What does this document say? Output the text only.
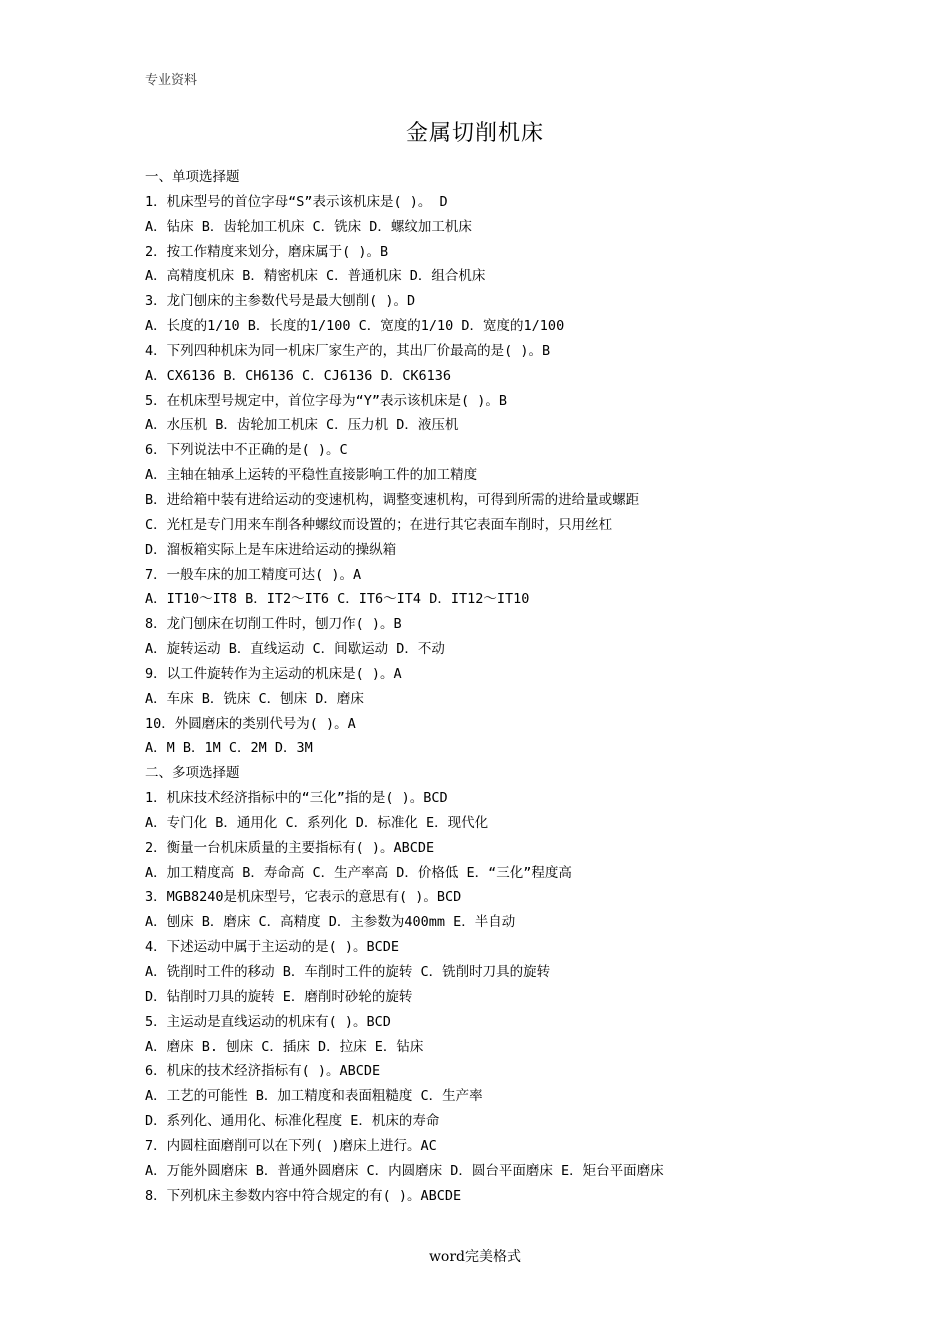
专业资料
金属切削机床
一、单项选择题
1．机床型号的首位字母“S”表示该机床是( )。 D
A．钻床 B．齿轮加工机床 C．铣床 D．螺纹加工机床
2．按工作精度来划分，磨床属于( )。B
A．高精度机床 B．精密机床 C．普通机床 D．组合机床
3．龙门刨床的主参数代号是最大刨削( )。D
A．长度的1/10 B．长度的1/100 C．宽度的1/10 D．宽度的1/100
4．下列四种机床为同一机床厂家生产的，其出厂价最高的是( )。B
A．CX6136 B．CH6136 C．CJ6136 D．CK6136
5．在机床型号规定中，首位字母为“Y”表示该机床是( )。B
A．水压机 B．齿轮加工机床 C．压力机 D．液压机
6．下列说法中不正确的是( )。C
A．主轴在轴承上运转的平稳性直接影响工件的加工精度
B．进给箱中装有进给运动的变速机构，调整变速机构，可得到所需的进给量或螺距
C．光杠是专门用来车削各种螺纹而设置的；在进行其它表面车削时，只用丝杠
D．溜板箱实际上是车床进给运动的操纵箱
7．一般车床的加工精度可达( )。A
A．IT10～IT8 B．IT2～IT6 C．IT6～IT4 D．IT12～IT10
8．龙门刨床在切削工件时，刨刀作( )。B
A．旋转运动 B．直线运动 C．间歇运动 D．不动
9．以工件旋转作为主运动的机床是( )。A
A．车床 B．铣床 C．刨床 D．磨床
10．外圆磨床的类别代号为( )。A
A．M B．1M C．2M D．3M
二、多项选择题
1．机床技术经济指标中的“三化”指的是( )。BCD
A．专门化 B．通用化 C．系列化 D．标准化 E．现代化
2．衡量一台机床质量的主要指标有( )。ABCDE
A．加工精度高 B．寿命高 C．生产率高 D．价格低 E．“三化”程度高
3．MGB8240是机床型号，它表示的意思有( )。BCD
A．刨床 B．磨床 C．高精度 D．主参数为400mm E．半自动
4．下述运动中属于主运动的是( )。BCDE
A．铣削时工件的移动 B．车削时工件的旋转 C．铣削时刀具的旋转
D．钻削时刀具的旋转 E．磨削时砂轮的旋转
5．主运动是直线运动的机床有( )。BCD
A．磨床 B. 刨床 C．插床 D．拉床 E．钻床
6．机床的技术经济指标有( )。ABCDE
A．工艺的可能性 B．加工精度和表面粗糙度 C．生产率
D．系列化、通用化、标准化程度 E．机床的寿命
7．内圆柱面磨削可以在下列( )磨床上进行。AC
A．万能外圆磨床 B．普通外圆磨床 C．内圆磨床 D．圆台平面磨床 E．矩台平面磨床
8．下列机床主参数内容中符合规定的有( )。ABCDE
word完美格式
